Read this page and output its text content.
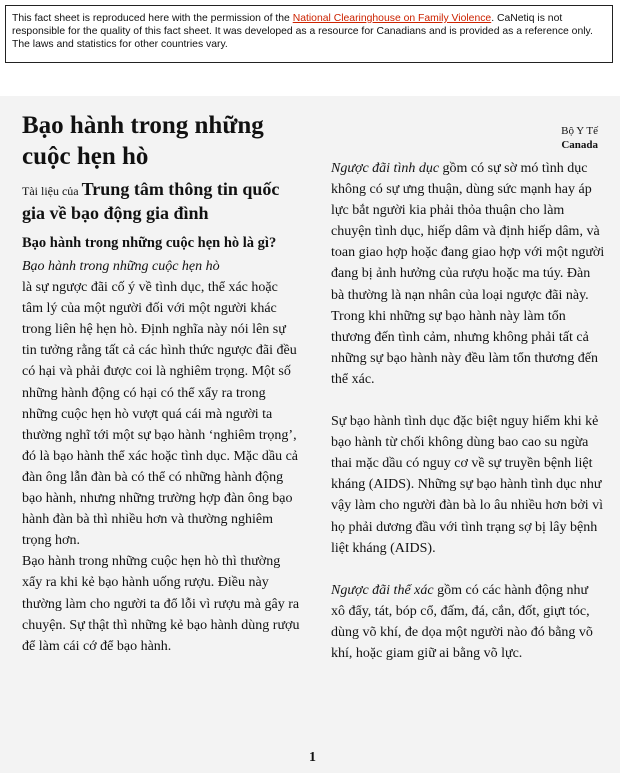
This fact sheet is reproduced here with the permission of the National Clearinghouse on Family Violence. CaNetiq is not responsible for the quality of this fact sheet. It was developed as a resource for Canadians and is provided as a reference only. The laws and statistics for other countries vary.
Bộ Y Tế
Canada
Bạo hành trong những cuộc hẹn hò
Tài liệu của Trung tâm thông tin quốc gia về bạo động gia đình
Bạo hành trong những cuộc hẹn hò là gì?

Bạo hành trong những cuộc hẹn hò
là sự ngược đãi cố ý về tình dục, thể xác hoặc tâm lý của một người đối với một người khác trong liên hệ hẹn hò. Định nghĩa này nói lên sự tin tưởng rằng tất cả các hình thức ngược đãi đều có hại và phải được coi là nghiêm trọng. Một số những hành động có hại có thể xẩy ra trong những cuộc hẹn hò vượt quá cái mà người ta thường nghĩ tới một sự bạo hành ‘nghiêm trọng’, đó là bạo hành thể xác hoặc tình dục. Mặc dầu cả đàn ông lẫn đàn bà có thể có những hành động bạo hành, nhưng những trường hợp đàn ông bạo hành đàn bà thì nhiều hơn và thường nghiêm trọng hơn.

Bạo hành trong những cuộc hẹn hò thì thường xẩy ra khi kẻ bạo hành uống rượu. Điều này thường làm cho người ta đổ lỗi vì rượu mà gây ra chuyện. Sự thật thì những kẻ bạo hành dùng rượu để làm cái cớ để bạo hành.

Ngược đãi tình dục gồm có sự sờ mó tình dục không có sự ưng thuận, dùng sức mạnh hay áp lực bắt người kia phải thỏa thuận cho làm chuyện tình dục, hiếp dâm và định hiếp dâm, và toan giao hợp hoặc đang giao hợp với một người đang bị ảnh hưởng của rượu hoặc ma túy. Đàn bà thường là nạn nhân của loại ngược đãi này. Trong khi những sự bạo hành này làm tổn thương đến tình cảm, nhưng không phải tất cả những sự bạo hành này đều làm tổn thương đến thể xác.

Sự bạo hành tình dục đặc biệt nguy hiểm khi kẻ bạo hành từ chối không dùng bao cao su ngừa thai mặc dầu có nguy cơ về sự truyền bệnh liệt kháng (AIDS). Những sự bạo hành tình dục như vậy làm cho người đàn bà lo âu nhiều hơn bởi vì họ phải dương đầu với tình trạng sợ bị lây bệnh liệt kháng (AIDS).

Ngược đãi thể xác gồm có các hành động như xô đẩy, tát, bóp cổ, đấm, đá, cắn, đốt, giựt tóc, dùng võ khí, đe dọa một người nào đó bằng võ khí, hoặc giam giữ ai bằng võ lực.

1
